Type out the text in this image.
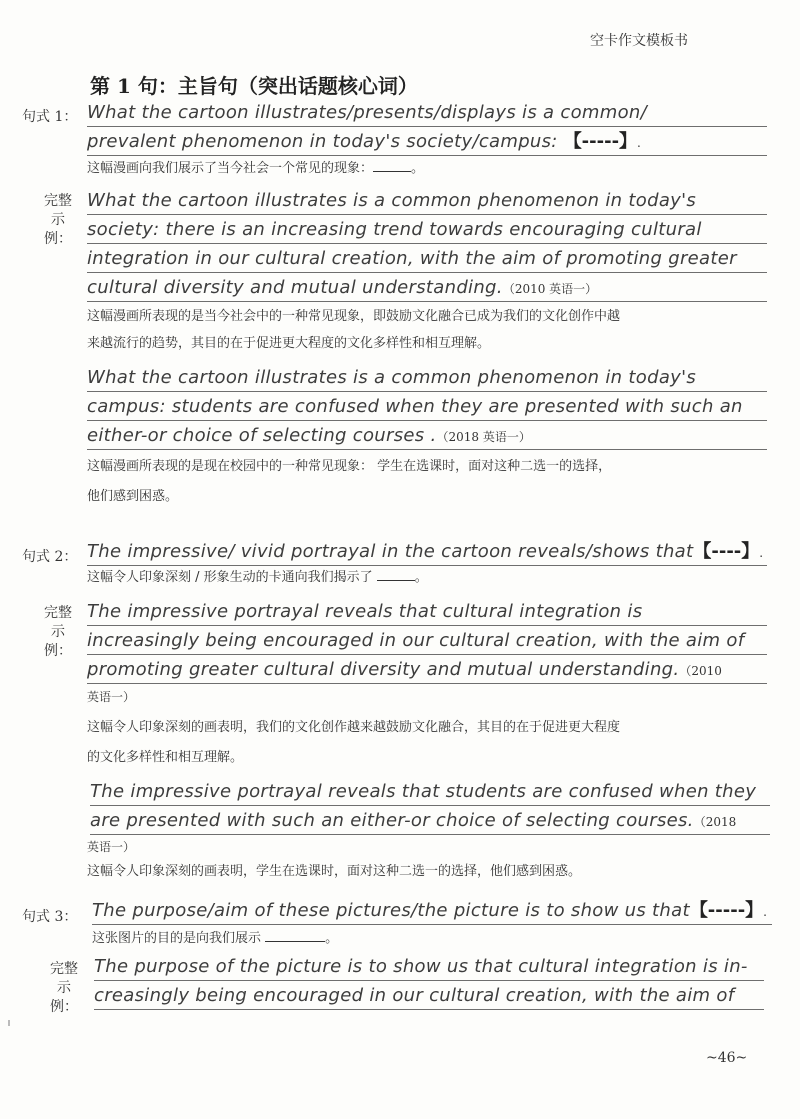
空卡作文模板书
第 1 句：主旨句（突出话题核心词）
句式 1： What the cartoon illustrates/presents/displays is a common/
prevalent phenomenon in today's society/campus: 【-----】.
这幅漫画向我们展示了当今社会一个常见的现象：	。
完整
示例：
What the cartoon illustrates is a common phenomenon in today's
society: there is an increasing trend towards encouraging cultural
integration in our cultural creation, with the aim of promoting greater
cultural diversity and mutual understanding.（2010 英语一）
这幅漫画所表现的是当今社会中的一种常见现象，即鼓励文化融合已成为我们的文化创作中越
来越流行的趋势，其目的在于促进更大程度的文化多样性和相互理解。
What the cartoon illustrates is a common phenomenon in today's
campus: students are confused when they are presented with such an
either-or choice of selecting courses .（2018 英语一）
这幅漫画所表现的是现在校园中的一种常见现象： 学生在选课时，面对这种二选一的选择，
他们感到困惑。
句式 2： The impressive/ vivid portrayal in the cartoon reveals/shows that【----】.
这幅令人印象深刻 / 形象生动的卡通向我们揭示了	。
完整
示例：
The impressive portrayal reveals that cultural integration is
increasingly being encouraged in our cultural creation, with the aim of
promoting greater cultural diversity and mutual understanding.（2010
英语一）
这幅令人印象深刻的画表明，我们的文化创作越来越鼓励文化融合，其目的在于促进更大程度
的文化多样性和相互理解。
The impressive portrayal reveals that students are confused when they
are presented with such an either-or choice of selecting courses.（2018
英语一）
这幅令人印象深刻的画表明，学生在选课时，面对这种二选一的选择，他们感到困惑。
句式 3： The purpose/aim of these pictures/the picture is to show us that【-----】.
这张图片的目的是向我们展示	。
完整
示例：
The purpose of the picture is to show us that cultural integration is in-
creasingly being encouraged in our cultural creation, with the aim of
~46~
